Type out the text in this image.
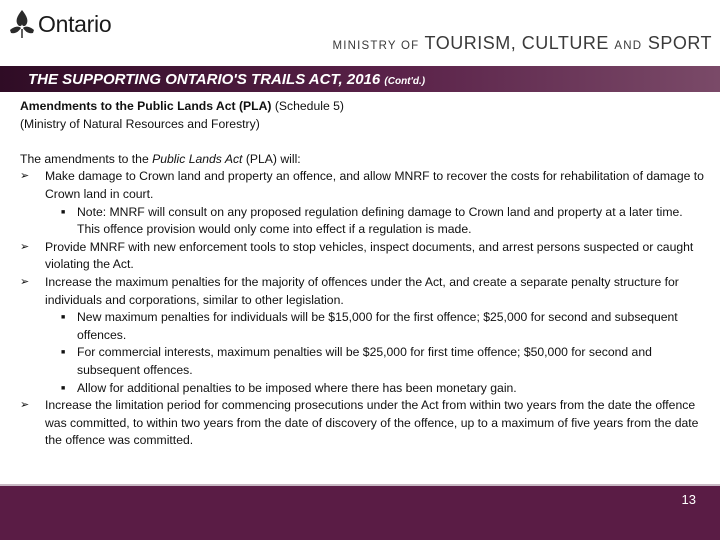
Ontario
MINISTRY OF TOURISM, CULTURE AND SPORT
THE SUPPORTING ONTARIO'S TRAILS ACT, 2016 (Cont'd.)

Amendments to the Public Lands Act (PLA) (Schedule 5)

(Ministry of Natural Resources and Forestry)

The amendments to the Public Lands Act (PLA) will:

➢ Make damage to Crown land and property an offence, and allow MNRF to recover the costs for rehabilitation of damage to Crown land in court.
■ Note: MNRF will consult on any proposed regulation defining damage to Crown land and property at a later time. This offence provision would only come into effect if a regulation is made.
➢ Provide MNRF with new enforcement tools to stop vehicles, inspect documents, and arrest persons suspected or caught violating the Act.
➢ Increase the maximum penalties for the majority of offences under the Act, and create a separate penalty structure for individuals and corporations, similar to other legislation.
■ New maximum penalties for individuals will be $15,000 for the first offence; $25,000 for second and subsequent offences.
■ For commercial interests, maximum penalties will be $25,000 for first time offence; $50,000 for second and subsequent offences.
■ Allow for additional penalties to be imposed where there has been monetary gain.
➢ Increase the limitation period for commencing prosecutions under the Act from within two years from the date the offence was committed, to within two years from the date of discovery of the offence, up to a maximum of five years from the date the offence was committed.
13
